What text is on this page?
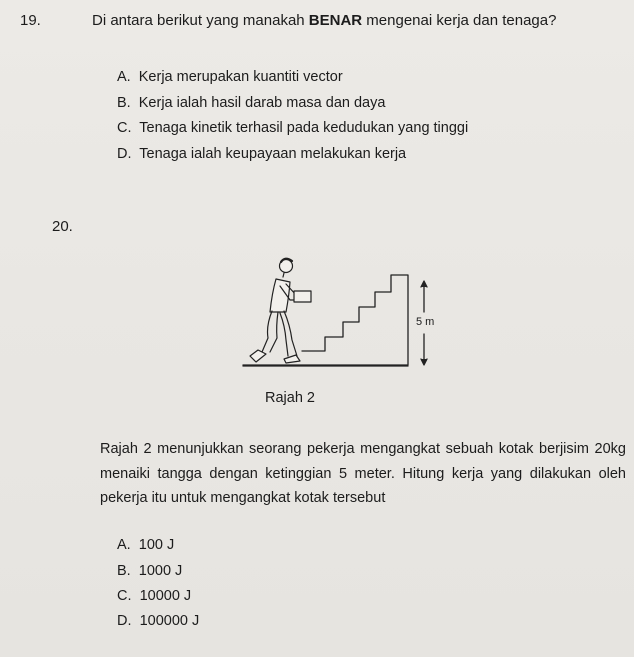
19.	Di antara berikut yang manakah BENAR mengenai kerja dan tenaga?
A. Kerja merupakan kuantiti vector
B. Kerja ialah hasil darab masa dan daya
C. Tenaga kinetik terhasil pada kedudukan yang tinggi
D. Tenaga ialah keupayaan melakukan kerja
20.
5 m
Rajah 2
Rajah 2 menunjukkan seorang pekerja mengangkat sebuah kotak berjisim 20kg
menaiki tangga dengan ketinggian 5 meter. Hitung kerja yang dilakukan oleh
pekerja itu untuk mengangkat kotak tersebut
A. 100 J
B. 1000 J
C. 10000 J
D. 100000 J
